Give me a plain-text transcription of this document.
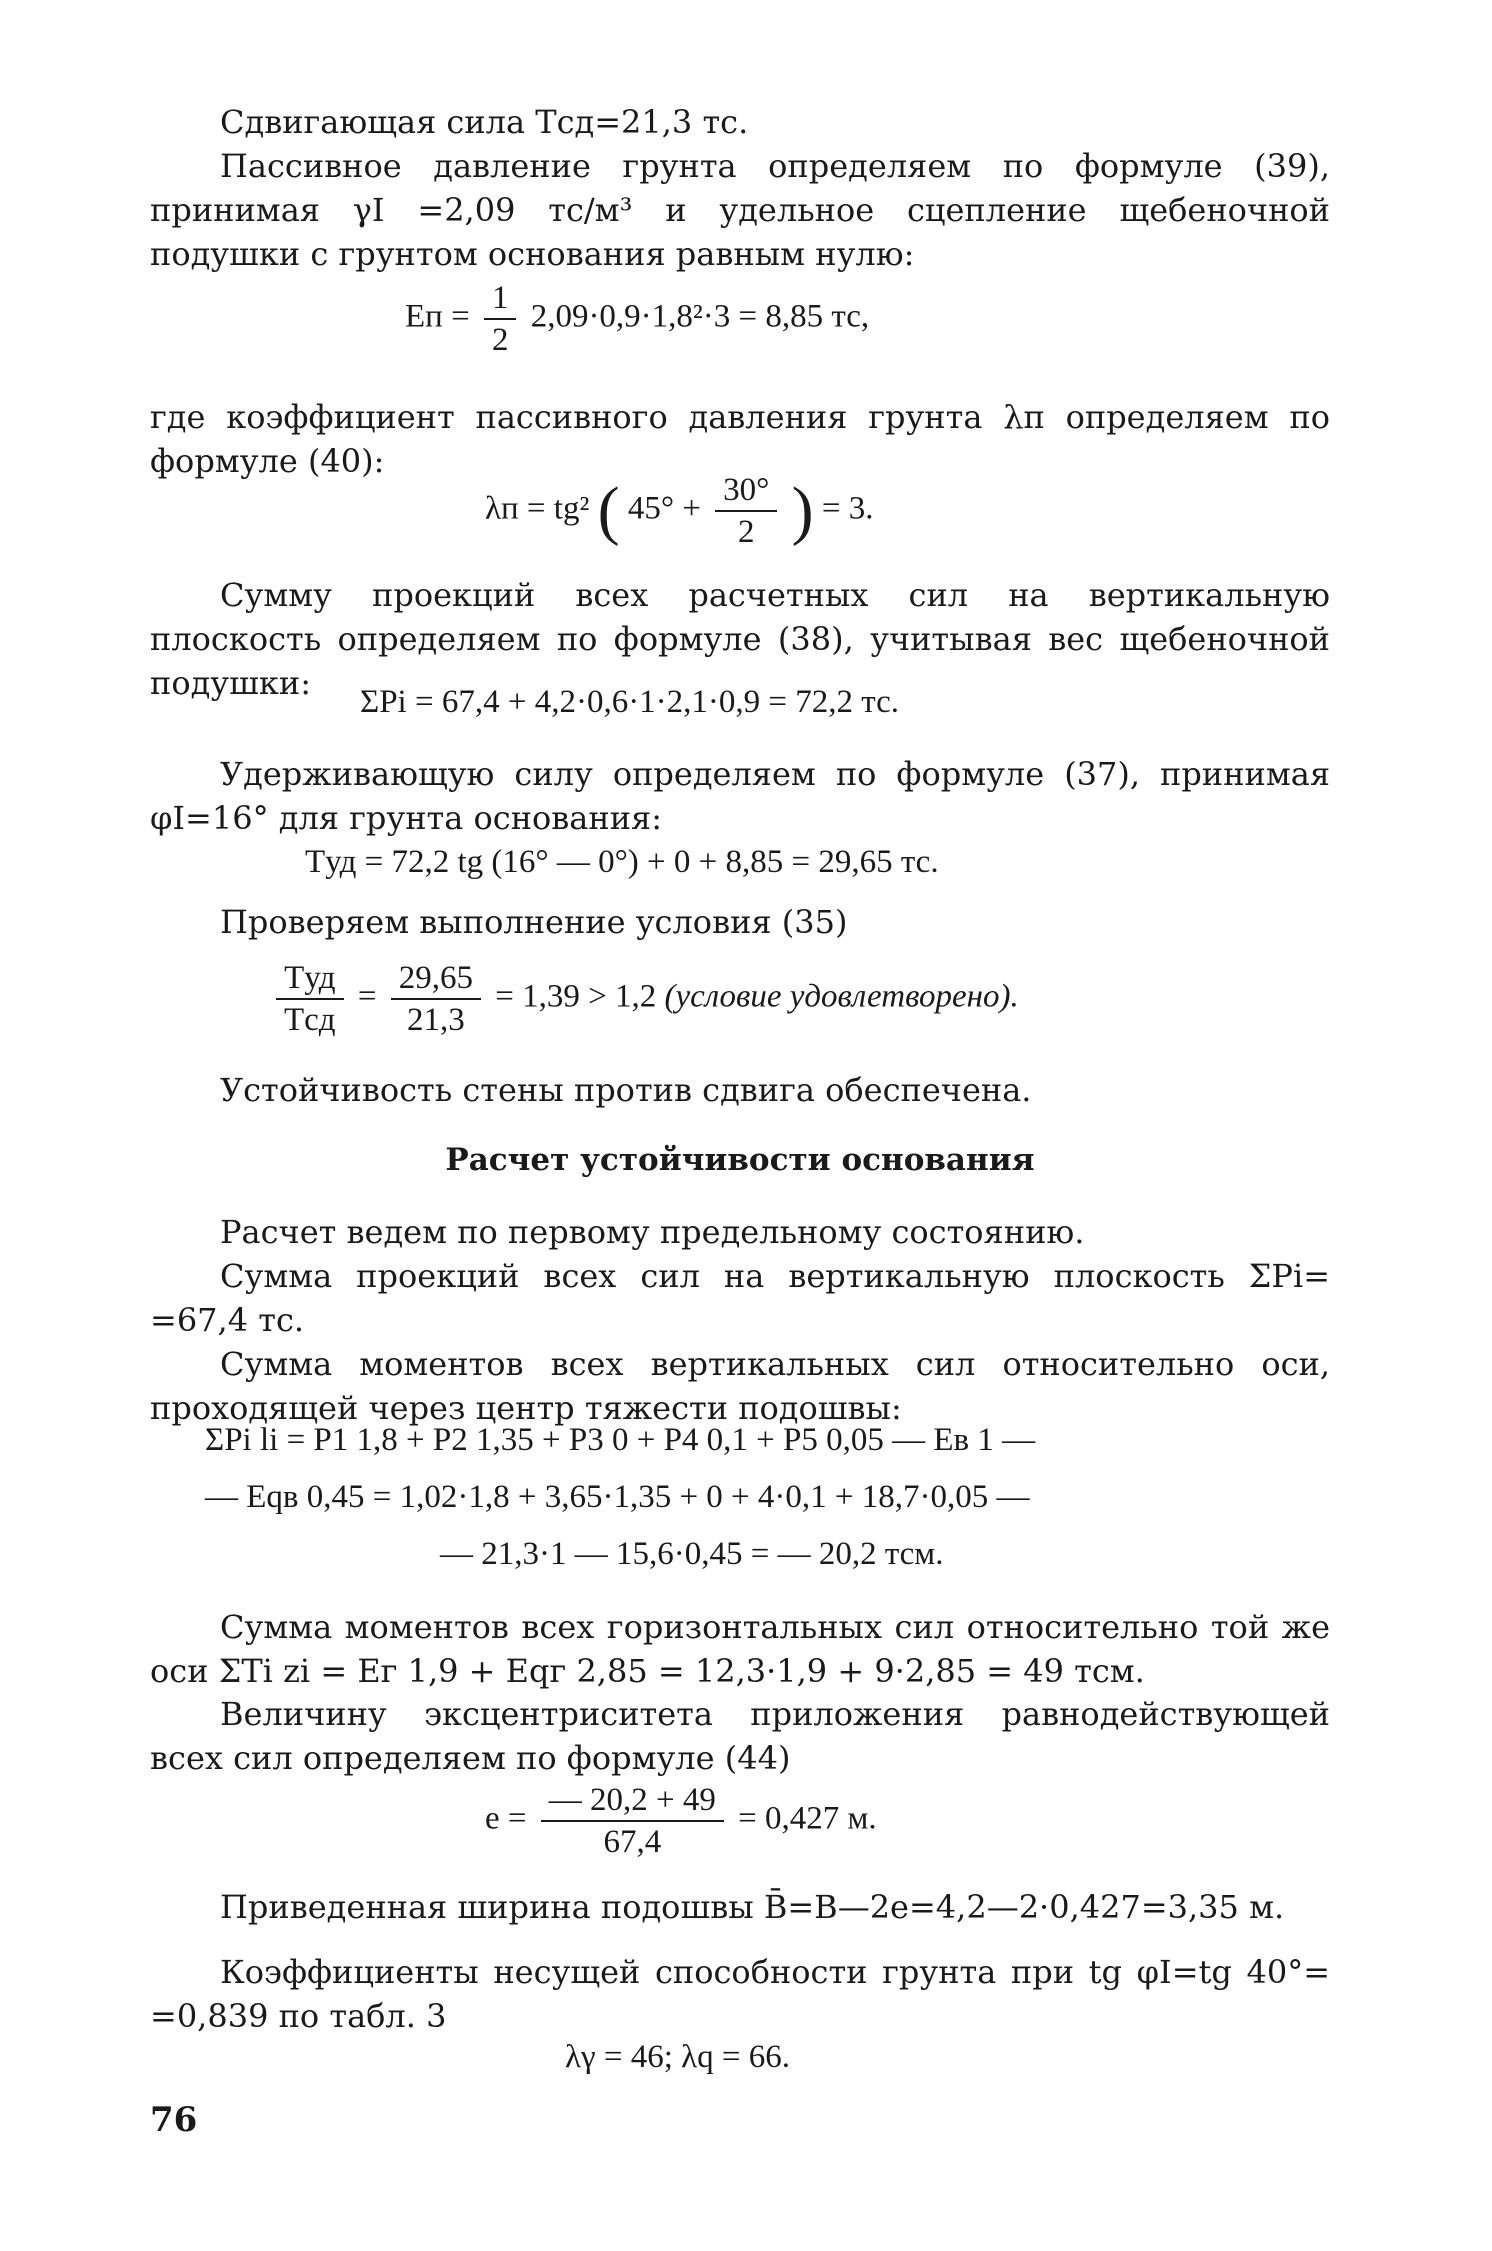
Сдвигающая сила Tсд=21,3 тс.

Пассивное давление грунта определяем по формуле (39), принимая γI =2,09 тс/м³ и удельное сцепление щебеночной подушки с грунтом основания равным нулю:

Eп = $\frac{1}{2} 2,09\cdot 0,9\cdot 1,8^2\cdot 3 = 8,85$ тс,

где коэффициент пассивного давления грунта λп определяем по формуле (40):

λп = tg² ( $45^\circ + \frac{30^\circ}{2}$ ) = 3.

Сумму проекций всех расчетных сил на вертикальную плоскость определяем по формуле (38), учитывая вес щебеночной подушки:	ΣPi = 67,4 + 4,2·0,6·1·2,1·0,9 = 72,2 тс.

Удерживающую силу определяем по формуле (37), принимая φI=16° для грунта основания:

Tуд = 72,2 tg (16° — 0°) + 0 + 8,85 = 29,65 тс.

Проверяем выполнение условия (35)

$\frac{\text{Tуд}}{\text{Tсд}} = \frac{29,65}{21,3} = 1,39 > 1,2$ (условие удовлетворено).

Устойчивость стены против сдвига обеспечена.

Расчет устойчивости основания

Расчет ведем по первому предельному состоянию.

Сумма проекций всех сил на вертикальную плоскость ΣPi= =67,4 тс.

Сумма моментов всех вертикальных сил относительно оси, проходящей через центр тяжести подошвы:

ΣPi li = P1 1,8 + P2 1,35 + P3 0 + P4 0,1 + P5 0,05 — Eв 1 —
— Eqв 0,45 = 1,02·1,8 + 3,65·1,35 + 0 + 4·0,1 + 18,7·0,05 —
— 21,3·1 — 15,6·0,45 = — 20,2 тсм.

Сумма моментов всех горизонтальных сил относительно той же оси ΣTi zi = Eг 1,9 + Eqг 2,85 = 12,3·1,9 + 9·2,85 = 49 тсм.

Величину эксцентриситета приложения равнодействующей всех сил определяем по формуле (44)

$e = \frac{— 20,2 + 49}{67,4} = 0,427$ м.

Приведенная ширина подошвы B̄=B—2e=4,2—2·0,427=3,35 м.

Коэффициенты несущей способности грунта при tg φI=tg 40°= =0,839 по табл. 3

λγ = 46; λq = 66.
76
